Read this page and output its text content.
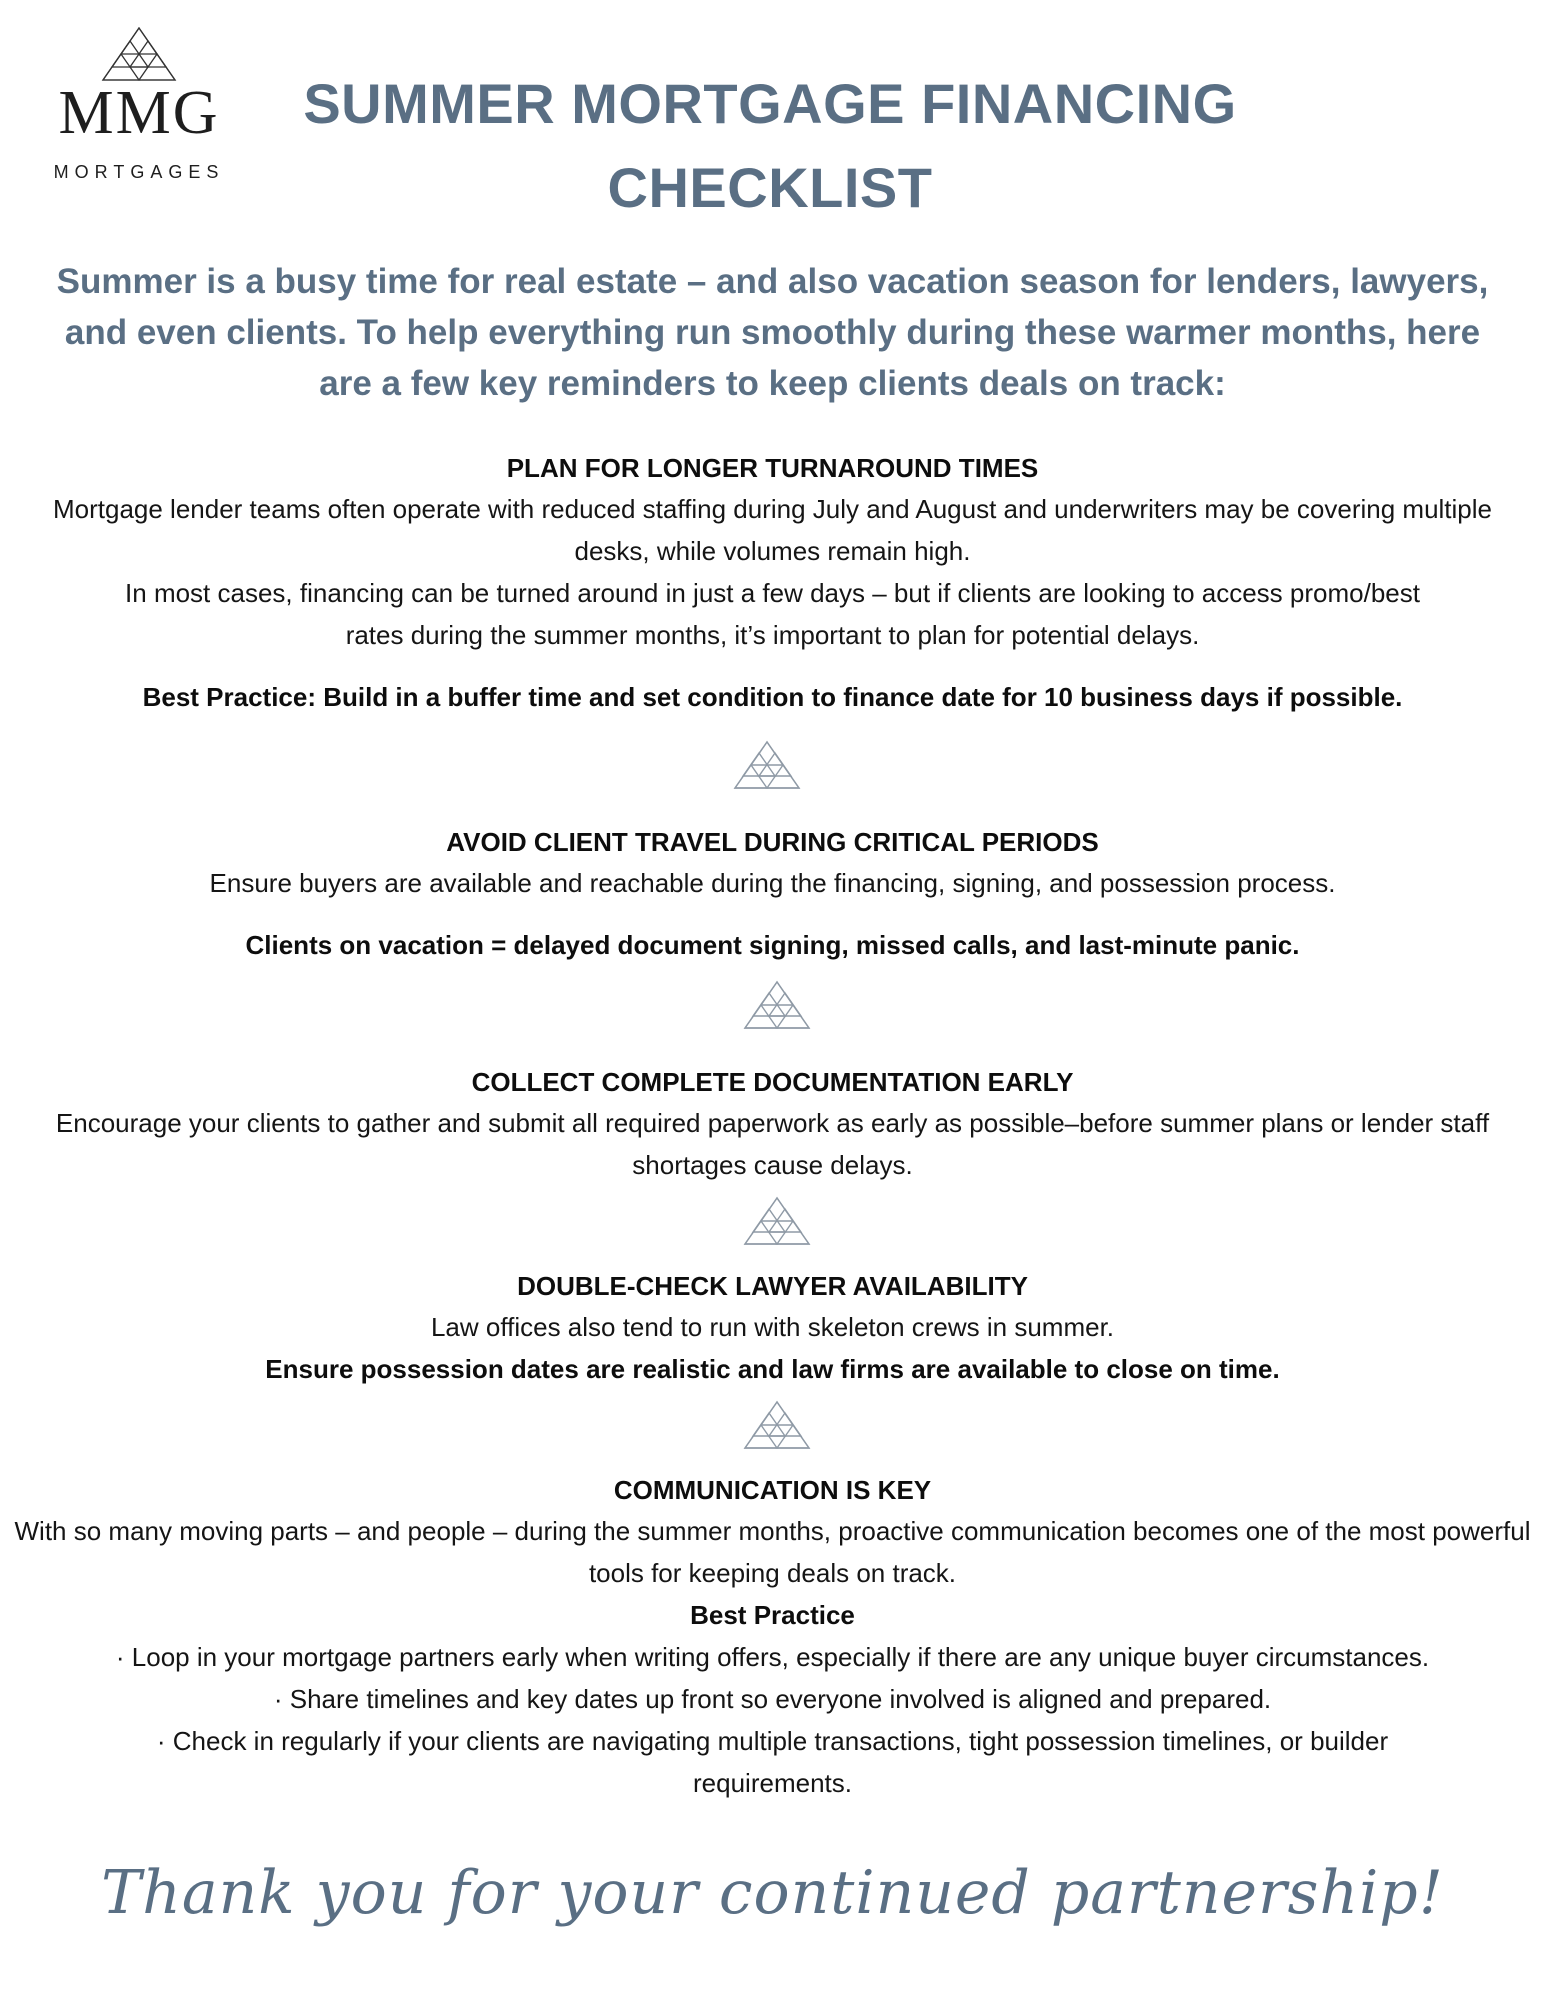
MMG
MORTGAGES
SUMMER MORTGAGE FINANCING CHECKLIST

Summer is a busy time for real estate – and also vacation season for lenders, lawyers, and even clients. To help everything run smoothly during these warmer months, here are a few key reminders to keep clients deals on track:

PLAN FOR LONGER TURNAROUND TIMES
Mortgage lender teams often operate with reduced staffing during July and August and underwriters may be covering multiple desks, while volumes remain high.
In most cases, financing can be turned around in just a few days – but if clients are looking to access promo/best rates during the summer months, it’s important to plan for potential delays.
Best Practice: Build in a buffer time and set condition to finance date for 10 business days if possible.
AVOID CLIENT TRAVEL DURING CRITICAL PERIODS
Ensure buyers are available and reachable during the financing, signing, and possession process.
Clients on vacation = delayed document signing, missed calls, and last-minute panic.
COLLECT COMPLETE DOCUMENTATION EARLY
Encourage your clients to gather and submit all required paperwork as early as possible–before summer plans or lender staff shortages cause delays.
DOUBLE-CHECK LAWYER AVAILABILITY
Law offices also tend to run with skeleton crews in summer.
Ensure possession dates are realistic and law firms are available to close on time.
COMMUNICATION IS KEY
With so many moving parts – and people – during the summer months, proactive communication becomes one of the most powerful tools for keeping deals on track.
Best Practice
· Loop in your mortgage partners early when writing offers, especially if there are any unique buyer circumstances.
· Share timelines and key dates up front so everyone involved is aligned and prepared.
· Check in regularly if your clients are navigating multiple transactions, tight possession timelines, or builder requirements.
Thank you for your continued partnership!
